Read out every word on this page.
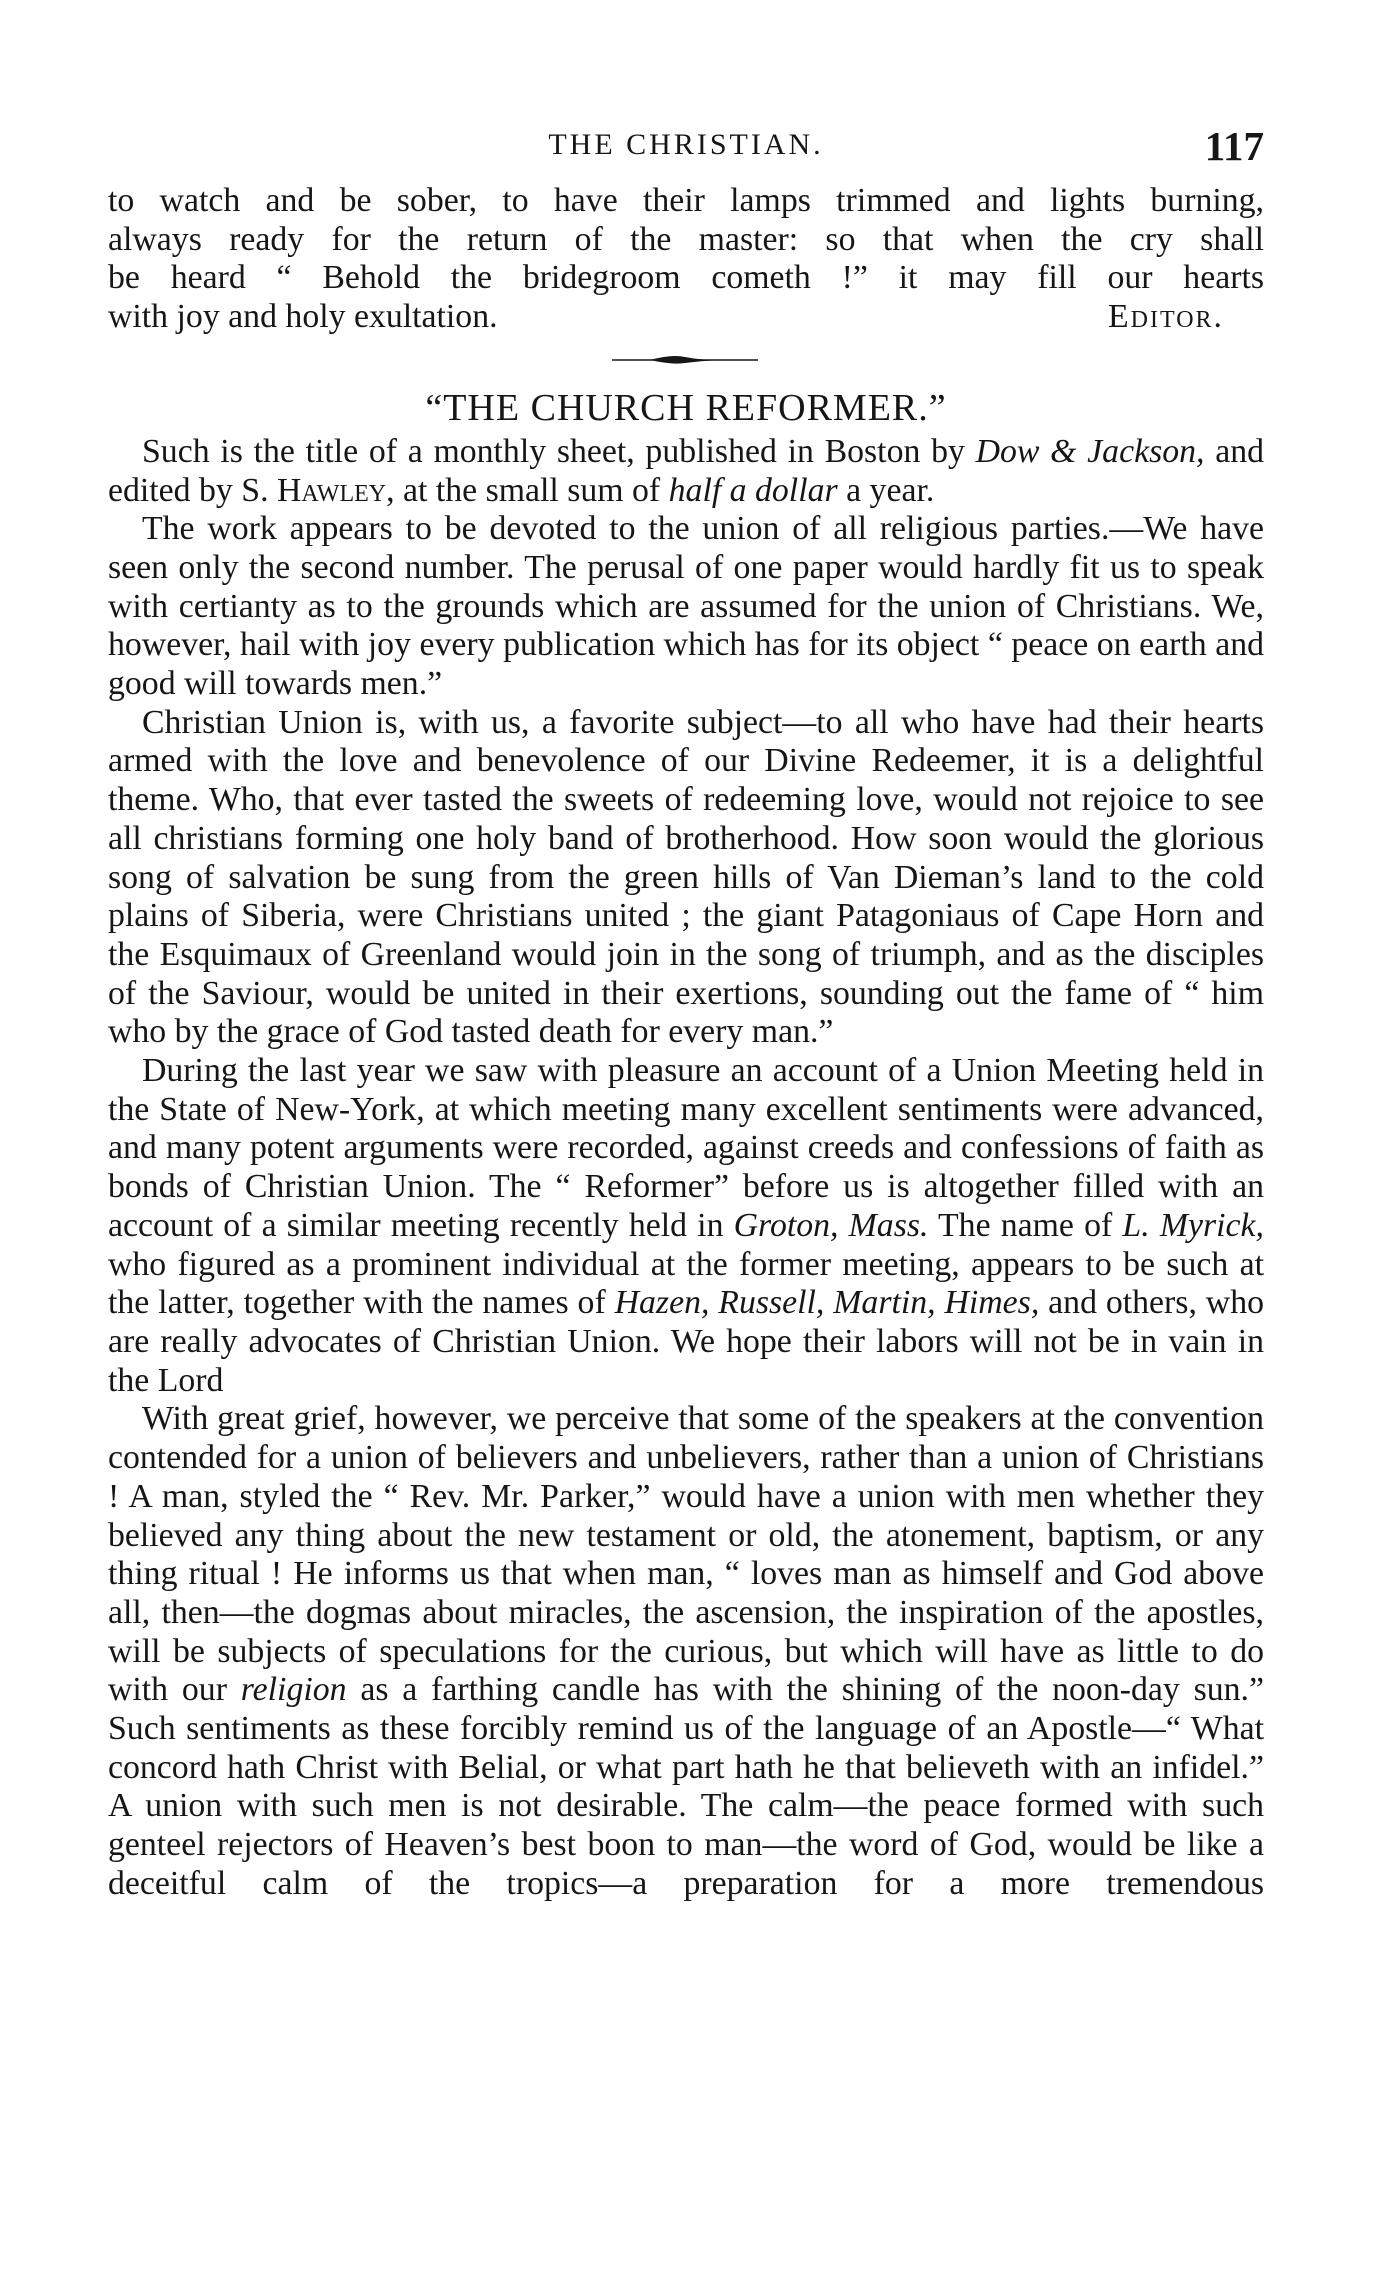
THE CHRISTIAN.	117
to watch and be sober, to have their lamps trimmed and lights burning,
always ready for the return of the master: so that when the cry shall
be heard “ Behold the bridegroom cometh !” it may fill our hearts
with joy and holy exultation.	Editor.
“THE CHURCH REFORMER.”

Such is the title of a monthly sheet, published in Boston by Dow & Jackson, and edited by S. Hawley, at the small sum of half a dollar a year.

The work appears to be devoted to the union of all religious parties.—We have seen only the second number. The perusal of one paper would hardly fit us to speak with certianty as to the grounds which are assumed for the union of Christians. We, however, hail with joy every publication which has for its object “ peace on earth and good will towards men.”

Christian Union is, with us, a favorite subject—to all who have had their hearts armed with the love and benevolence of our Divine Redeemer, it is a delightful theme. Who, that ever tasted the sweets of redeeming love, would not rejoice to see all christians forming one holy band of brotherhood. How soon would the glorious song of salvation be sung from the green hills of Van Dieman’s land to the cold plains of Siberia, were Christians united ; the giant Patagoniaus of Cape Horn and the Esquimaux of Greenland would join in the song of triumph, and as the disciples of the Saviour, would be united in their exertions, sounding out the fame of “ him who by the grace of God tasted death for every man.”

During the last year we saw with pleasure an account of a Union Meeting held in the State of New-York, at which meeting many excellent sentiments were advanced, and many potent arguments were recorded, against creeds and confessions of faith as bonds of Christian Union. The “ Reformer” before us is altogether filled with an account of a similar meeting recently held in Groton, Mass. The name of L. Myrick, who figured as a prominent individual at the former meeting, appears to be such at the latter, together with the names of Hazen, Russell, Martin, Himes, and others, who are really advocates of Christian Union. We hope their labors will not be in vain in the Lord

With great grief, however, we perceive that some of the speakers at the convention contended for a union of believers and unbelievers, rather than a union of Christians ! A man, styled the “ Rev. Mr. Parker,” would have a union with men whether they believed any thing about the new testament or old, the atonement, baptism, or any thing ritual ! He informs us that when man, “ loves man as himself and God above all, then—the dogmas about miracles, the ascension, the inspiration of the apostles, will be subjects of speculations for the curious, but which will have as little to do with our religion as a farthing candle has with the shining of the noon-day sun.” Such sentiments as these forcibly remind us of the language of an Apostle—“ What concord hath Christ with Belial, or what part hath he that believeth with an infidel.” A union with such men is not desirable. The calm—the peace formed with such genteel rejectors of Heaven’s best boon to man—the word of God, would be like a deceitful calm of the tropics—a preparation for a more tremendous
